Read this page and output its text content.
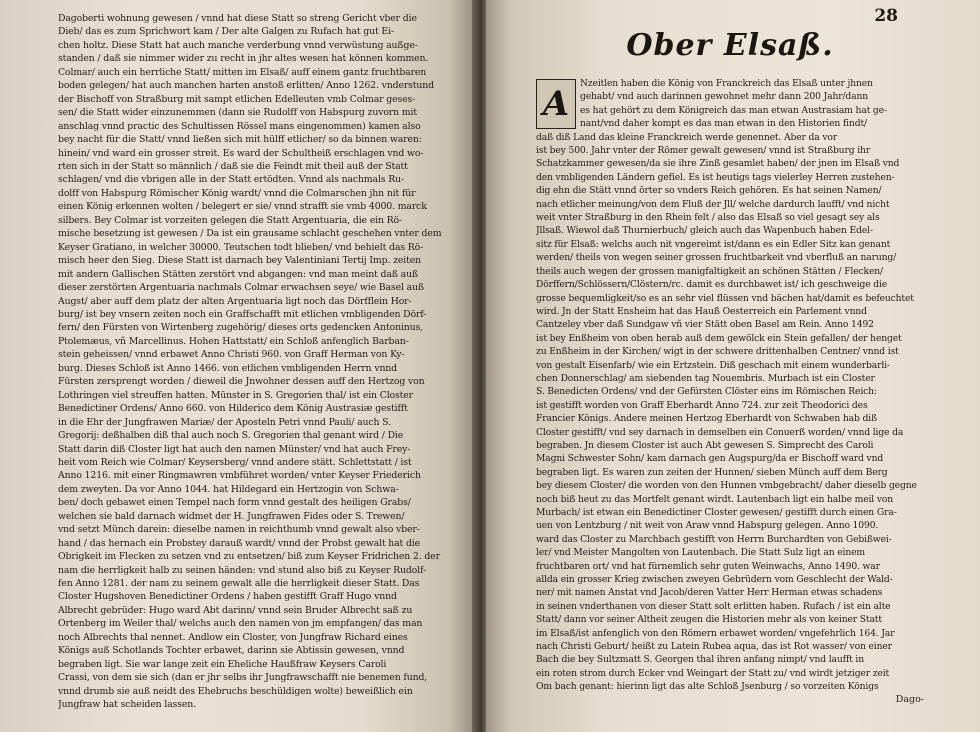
Dagoberti wohnung gewesen / vnnd hat diese Statt so streng Gericht vber die

Dieb/ das es zum Sprichwort kam / Der alte Galgen zu Rufach hat gut Ei-

chen holtz. Diese Statt hat auch manche verderbung vnnd verwüstung außge-

standen / daß sie nimmer wider zu recht in jhr altes wesen hat können kommen.

Colmar/ auch ein herrliche Statt/ mitten im Elsaß/ auff einem gantz fruchtbaren

boden gelegen/ hat auch manchen harten anstoß erlitten/ Anno 1262. vnderstund

der Bischoff von Straßburg mit sampt etlichen Edelleuten vmb Colmar geses-

sen/ die Statt wider einzunemmen (dann sie Rudolff von Habspurg zuvorn mit

anschlag vnnd practic des Schultissen Rössel mans eingenommen) kamen also

bey nacht für die Statt/ vnnd ließen sich mit hülff etlicher/ so da binnen waren:

hinein/ vnd ward ein grosser streit. Es ward der Schultheiß erschlagen vnd wo-

rten sich in der Statt so männlich / daß sie die Feindt mit theil auß der Statt

schlagen/ vnd die vbrigen alle in der Statt ertödten. Vnnd als nachmals Ru-

dolff von Habspurg Römischer König wardt/ vnnd die Colmarschen jhn nit für

einen König erkennen wolten / belegert er sie/ vnnd strafft sie vmb 4000. marck

silbers. Bey Colmar ist vorzeiten gelegen die Statt Argentuaria, die ein Rö-

mische besetzung ist gewesen / Da ist ein grausame schlacht geschehen vnter dem

Keyser Gratiano, in welcher 30000. Teutschen todt blieben/ vnd behielt das Rö-

misch heer den Sieg. Diese Statt ist darnach bey Valentiniani Tertij Imp. zeiten

mit andern Gallischen Stätten zerstört vnd abgangen: vnd man meint daß auß

dieser zerstörten Argentuaria nachmals Colmar erwachsen seye/ wie Basel auß

Augst/ aber auff dem platz der alten Argentuaria ligt noch das Dörfflein Hor-

burg/ ist bey vnsern zeiten noch ein Graffschafft mit etlichen vmbligenden Dörf-

fern/ den Fürsten von Wirtenberg zugehörig/ dieses orts gedencken Antoninus,

Ptolemæus, vñ Marcellinus. Hohen Hattstatt/ ein Schloß anfenglich Barban-

stein geheissen/ vnnd erbawet Anno Christi 960. von Graff Herman von Ky-

burg. Dieses Schloß ist Anno 1466. von etlichen vmbligenden Herrn vnnd

Fürsten zersprengt worden / dieweil die Jnwohner dessen auff den Hertzog von

Lothringen viel streuffen hatten. Münster in S. Gregorien thal/ ist ein Closter

Benedictiner Ordens/ Anno 660. von Hilderico dem König Austrasiæ gestifft

in die Ehr der Jungfrawen Mariæ/ der Aposteln Petri vnnd Pauli/ auch S.

Gregorij: deßhalben diß thal auch noch S. Gregorien thal genant wird / Die

Statt darin diß Closter ligt hat auch den namen Münster/ vnd hat auch Frey-

heit vom Reich wie Colmar/ Keysersberg/ vnnd andere stätt. Schlettstatt / ist

Anno 1216. mit einer Ringmawren vmbführet worden/ vnter Keyser Friederich

dem zweyten. Da vor Anno 1044. hat Hildegard ein Hertzogin von Schwa-

ben/ doch gebawet einen Tempel nach form vnnd gestalt des heiligen Grabs/

welchen sie bald darnach widmet der H. Jungfrawen Fides oder S. Trewen/

vnd setzt Münch darein: dieselbe namen in reichthumb vnnd gewalt also vber-

hand / das hernach ein Probstey darauß wardt/ vnnd der Probst gewalt hat die

Obrigkeit im Flecken zu setzen vnd zu entsetzen/ biß zum Keyser Fridrichen 2. der

nam die herrligkeit halb zu seinen händen: vnd stund also biß zu Keyser Rudolf-

fen Anno 1281. der nam zu seinem gewalt alle die herrligkeit dieser Statt. Das

Closter Hugshoven Benedictiner Ordens / haben gestifft Graff Hugo vnnd

Albrecht gebrüder: Hugo ward Abt darinn/ vnnd sein Bruder Albrecht saß zu

Ortenberg im Weiler thal/ welchs auch den namen von jm empfangen/ das man

noch Albrechts thal nennet. Andlow ein Closter, von Jungfraw Richard eines

Königs auß Schotlands Tochter erbawet, darinn sie Abtissin gewesen, vnnd

begraben ligt. Sie war lange zeit ein Eheliche Haußfraw Keysers Caroli

Crassi, von dem sie sich (dan er jhr selbs ihr Jungfrawschafft nie benemen fund,

vnnd drumb sie auß neidt des Ehebruchs beschüldigen wolte) beweißlich ein

Jungfraw hat scheiden lassen.

28
Ober Elsaß.
A

Nzeitlen haben die König von Franckreich das Elsaß unter jhnen

gehabt/ vnd auch darinnen gewohnet mehr dann 200 Jahr/dann

es hat gehört zu dem Königreich das man etwan Austrasiam hat ge-

nant/vnd daher kompt es das man etwan in den Historien findt/

daß diß Land das kleine Franckreich werde genennet. Aber da vor

ist bey 500. Jahr vnter der Römer gewalt gewesen/ vnnd ist Straßburg ihr

Schatzkammer gewesen/da sie ihre Zinß gesamlet haben/ der jnen im Elsaß vnd

den vmbligenden Ländern gefiel. Es ist heutigs tags vielerley Herren zustehen-

dig ehn die Stätt vnnd örter so vnders Reich gehören. Es hat seinen Namen/

nach etlicher meinung/von dem Fluß der Jll/ welche dardurch laufft/ vnd nicht

weit vnter Straßburg in den Rhein felt / also das Elsaß so viel gesagt sey als

Jllsaß. Wiewol daß Thurnierbuch/ gleich auch das Wapenbuch haben Edel-

sitz für Elsaß: welchs auch nit vngereimt ist/dann es ein Edler Sitz kan genant

werden/ theils von wegen seiner grossen fruchtbarkeit vnd vberfluß an narung/

theils auch wegen der grossen manigfaltigkeit an schönen Stätten / Flecken/

Dörffern/Schlössern/Clöstern/rc. damit es durchbawet ist/ ich geschweige die

grosse bequemligkeit/so es an sehr viel flüssen vnd bächen hat/damit es befeuchtet

wird. Jn der Statt Ensheim hat das Hauß Oesterreich ein Parlement vnnd

Cantzeley vber daß Sundgaw vñ vier Stätt oben Basel am Rein. Anno 1492

ist bey Enßheim von oben herab auß dem gewölck ein Stein gefallen/ der henget

zu Enßheim in der Kirchen/ wigt in der schwere drittenhalben Centner/ vnnd ist

von gestalt Eisenfarb/ wie ein Ertzstein. Diß geschach mit einem wunderbarli-

chen Donnerschlag/ am siebenden tag Nouembris. Murbach ist ein Closter

S. Benedicten Ordens/ vnd der Gefürsten Clöster eins im Römischen Reich:

ist gestifft worden von Graff Eberhardt Anno 724. zur zeit Theodorici des

Francier Königs. Andere meinen Hertzog Eberhardt von Schwaben hab diß

Closter gestifft/ vnd sey darnach in demselben ein Conuerß worden/ vnnd lige da

begraben. Jn diesem Closter ist auch Abt gewesen S. Simprecht des Caroli

Magni Schwester Sohn/ kam darnach gen Augspurg/da er Bischoff ward vnd

begraben ligt. Es waren zun zeiten der Hunnen/ sieben Münch auff dem Berg

bey diesem Closter/ die worden von den Hunnen vmbgebracht/ daher dieselb gegne

noch biß heut zu das Mortfelt genant wirdt. Lautenbach ligt ein halbe meil von

Murbach/ ist etwan ein Benedictiner Closter gewesen/ gestifft durch einen Gra-

uen von Lentzburg / nit weit von Araw vnnd Habspurg gelegen. Anno 1090.

ward das Closter zu Marchbach gestifft von Herrn Burchardten von Gebißwei-

ler/ vnd Meister Mangolten von Lautenbach. Die Statt Sulz ligt an einem

fruchtbaren ort/ vnd hat fürnemlich sehr guten Weinwachs, Anno 1490. war

allda ein grosser Krieg zwischen zweyen Gebrüdern vom Geschlecht der Wald-

ner/ mit namen Anstat vnd Jacob/deren Vatter Herr Herman etwas schadens

in seinen vnderthanen von dieser Statt solt erlitten haben. Rufach / ist ein alte

Statt/ dann vor seiner Altheit zeugen die Historien mehr als von keiner Statt

im Elsaß/ist anfenglich von den Römern erbawet worden/ vngefehrlich 164. Jar

nach Christi Geburt/ heißt zu Latein Rubea aqua, das ist Rot wasser/ von einer

Bach die bey Sultzmatt S. Georgen thal ihren anfang nimpt/ vnd laufft in

ein roten strom durch Ecker vnd Weingart der Statt zu/ vnd wirdt jetziger zeit

Om bach genant: hierinn ligt das alte Schloß Jsenburg / so vorzeiten Königs

Dago-
